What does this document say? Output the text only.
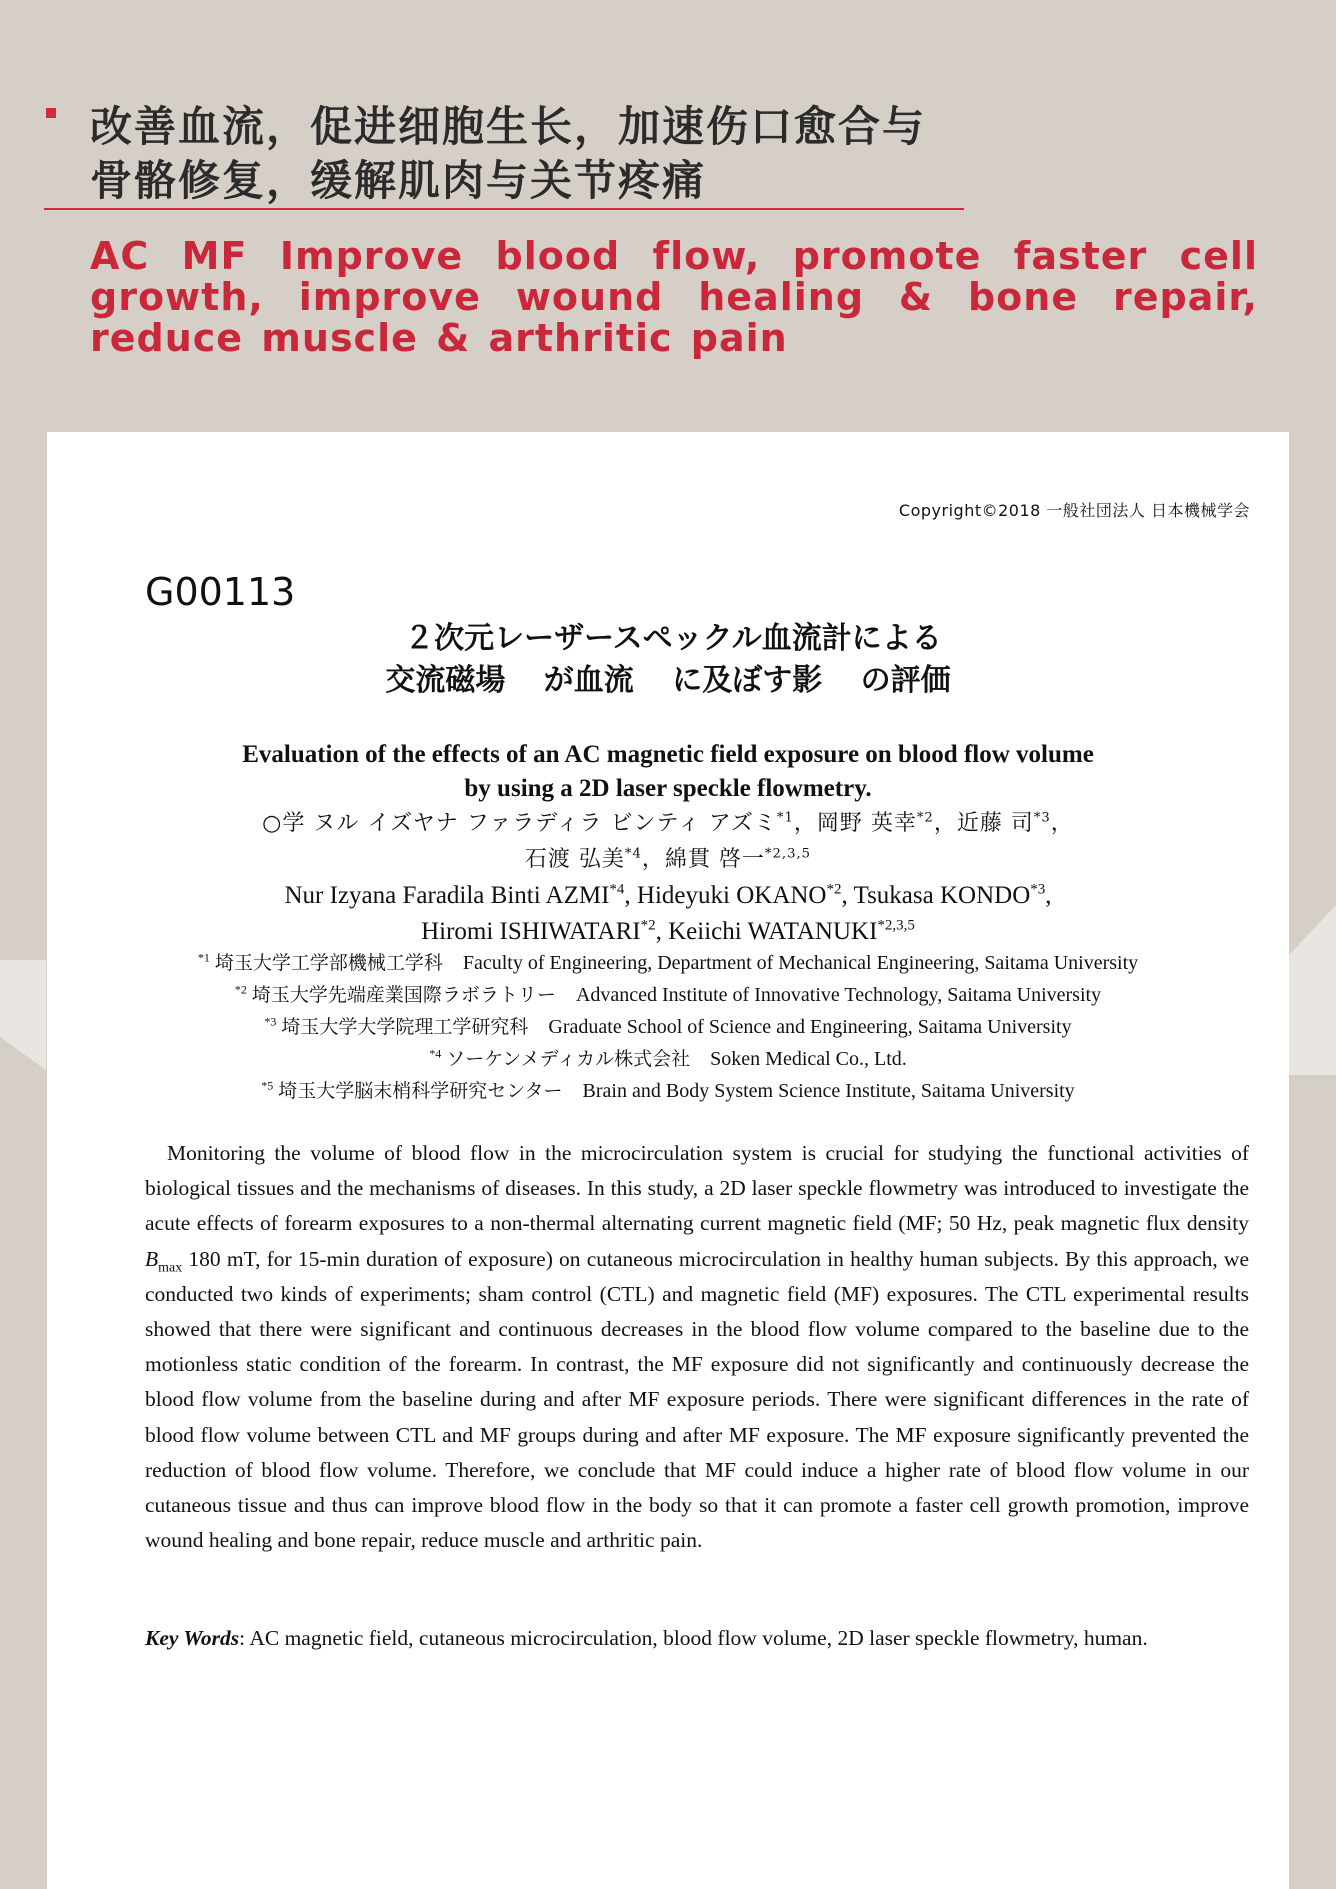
改善血流，促进细胞生长，加速伤口愈合与
骨骼修复，缓解肌肉与关节疼痛
AC MF Improve blood flow, promote faster cell growth, improve wound healing & bone repair, reduce muscle & arthritic pain
Copyright©2018 一般社団法人 日本機械学会
G00113
２次元レーザースペックル血流計による
交流磁場 が血流 に及ぼす影 の評価
Evaluation of the effects of an AC magnetic field exposure on blood flow volume
by using a 2D laser speckle flowmetry.
○学 ヌル イズヤナ ファラディラ ビンティ アズミ$^{*1}$，岡野 英幸$^{*2}$，近藤 司$^{*3}$，
石渡 弘美$^{*4}$，綿貫 啓一$^{*2,3,5}$
Nur Izyana Faradila Binti AZMI$^{*4}$, Hideyuki OKANO$^{*2}$, Tsukasa KONDO$^{*3}$,
Hiromi ISHIWATARI$^{*2}$, Keiichi WATANUKI$^{*2,3,5}$
$^{*1}$ 埼玉大学工学部機械工学科 Faculty of Engineering, Department of Mechanical Engineering, Saitama University
$^{*2}$ 埼玉大学先端産業国際ラボラトリー Advanced Institute of Innovative Technology, Saitama University
$^{*3}$ 埼玉大学大学院理工学研究科 Graduate School of Science and Engineering, Saitama University
$^{*4}$ ソーケンメディカル株式会社 Soken Medical Co., Ltd.
$^{*5}$ 埼玉大学脳末梢科学研究センター Brain and Body System Science Institute, Saitama University

Monitoring the volume of blood flow in the microcirculation system is crucial for studying the functional activities of biological tissues and the mechanisms of diseases. In this study, a 2D laser speckle flowmetry was introduced to investigate the acute effects of forearm exposures to a non-thermal alternating current magnetic field (MF; 50 Hz, peak magnetic flux density $B_{max}$ 180 mT, for 15-min duration of exposure) on cutaneous microcirculation in healthy human subjects. By this approach, we conducted two kinds of experiments; sham control (CTL) and magnetic field (MF) exposures. The CTL experimental results showed that there were significant and continuous decreases in the blood flow volume compared to the baseline due to the motionless static condition of the forearm. In contrast, the MF exposure did not significantly and continuously decrease the blood flow volume from the baseline during and after MF exposure periods. There were significant differences in the rate of blood flow volume between CTL and MF groups during and after MF exposure. The MF exposure significantly prevented the reduction of blood flow volume. Therefore, we conclude that MF could induce a higher rate of blood flow volume in our cutaneous tissue and thus can improve blood flow in the body so that it can promote a faster cell growth promotion, improve wound healing and bone repair, reduce muscle and arthritic pain.

Key Words: AC magnetic field, cutaneous microcirculation, blood flow volume, 2D laser speckle flowmetry, human.
